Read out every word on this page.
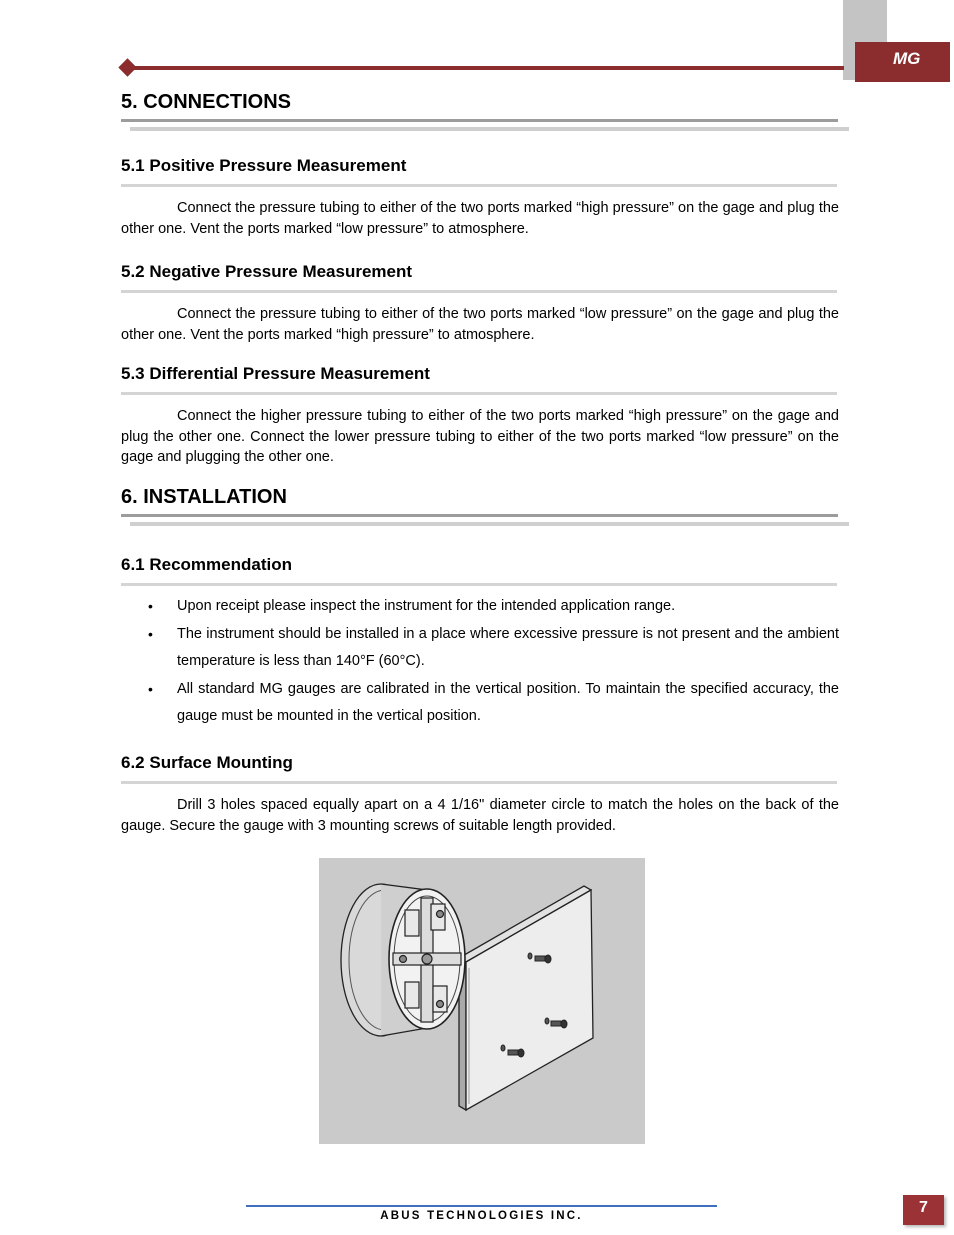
MG
5. CONNECTIONS
5.1 Positive Pressure Measurement
Connect the pressure tubing to either of the two ports marked “high pressure” on the gage and plug the other one. Vent the ports marked “low pressure” to atmosphere.
5.2 Negative Pressure Measurement
Connect the pressure tubing to either of the two ports marked “low pressure” on the gage and plug the other one. Vent the ports marked “high pressure” to atmosphere.
5.3 Differential Pressure Measurement
Connect the higher pressure tubing to either of the two ports marked “high pressure” on the gage and plug the other one. Connect the lower pressure tubing to either of the two ports marked “low pressure” on the gage and plugging the other one.
6. INSTALLATION
6.1 Recommendation
• Upon receipt please inspect the instrument for the intended application range.
• The instrument should be installed in a place where excessive pressure is not present and the ambient temperature is less than 140°F (60°C).
• All standard MG gauges are calibrated in the vertical position. To maintain the specified accuracy, the gauge must be mounted in the vertical position.
6.2 Surface Mounting
Drill 3 holes spaced equally apart on a 4 1/16" diameter circle to match the holes on the back of the gauge. Secure the gauge with 3 mounting screws of suitable length provided.
ABUS TECHNOLOGIES INC.	7
